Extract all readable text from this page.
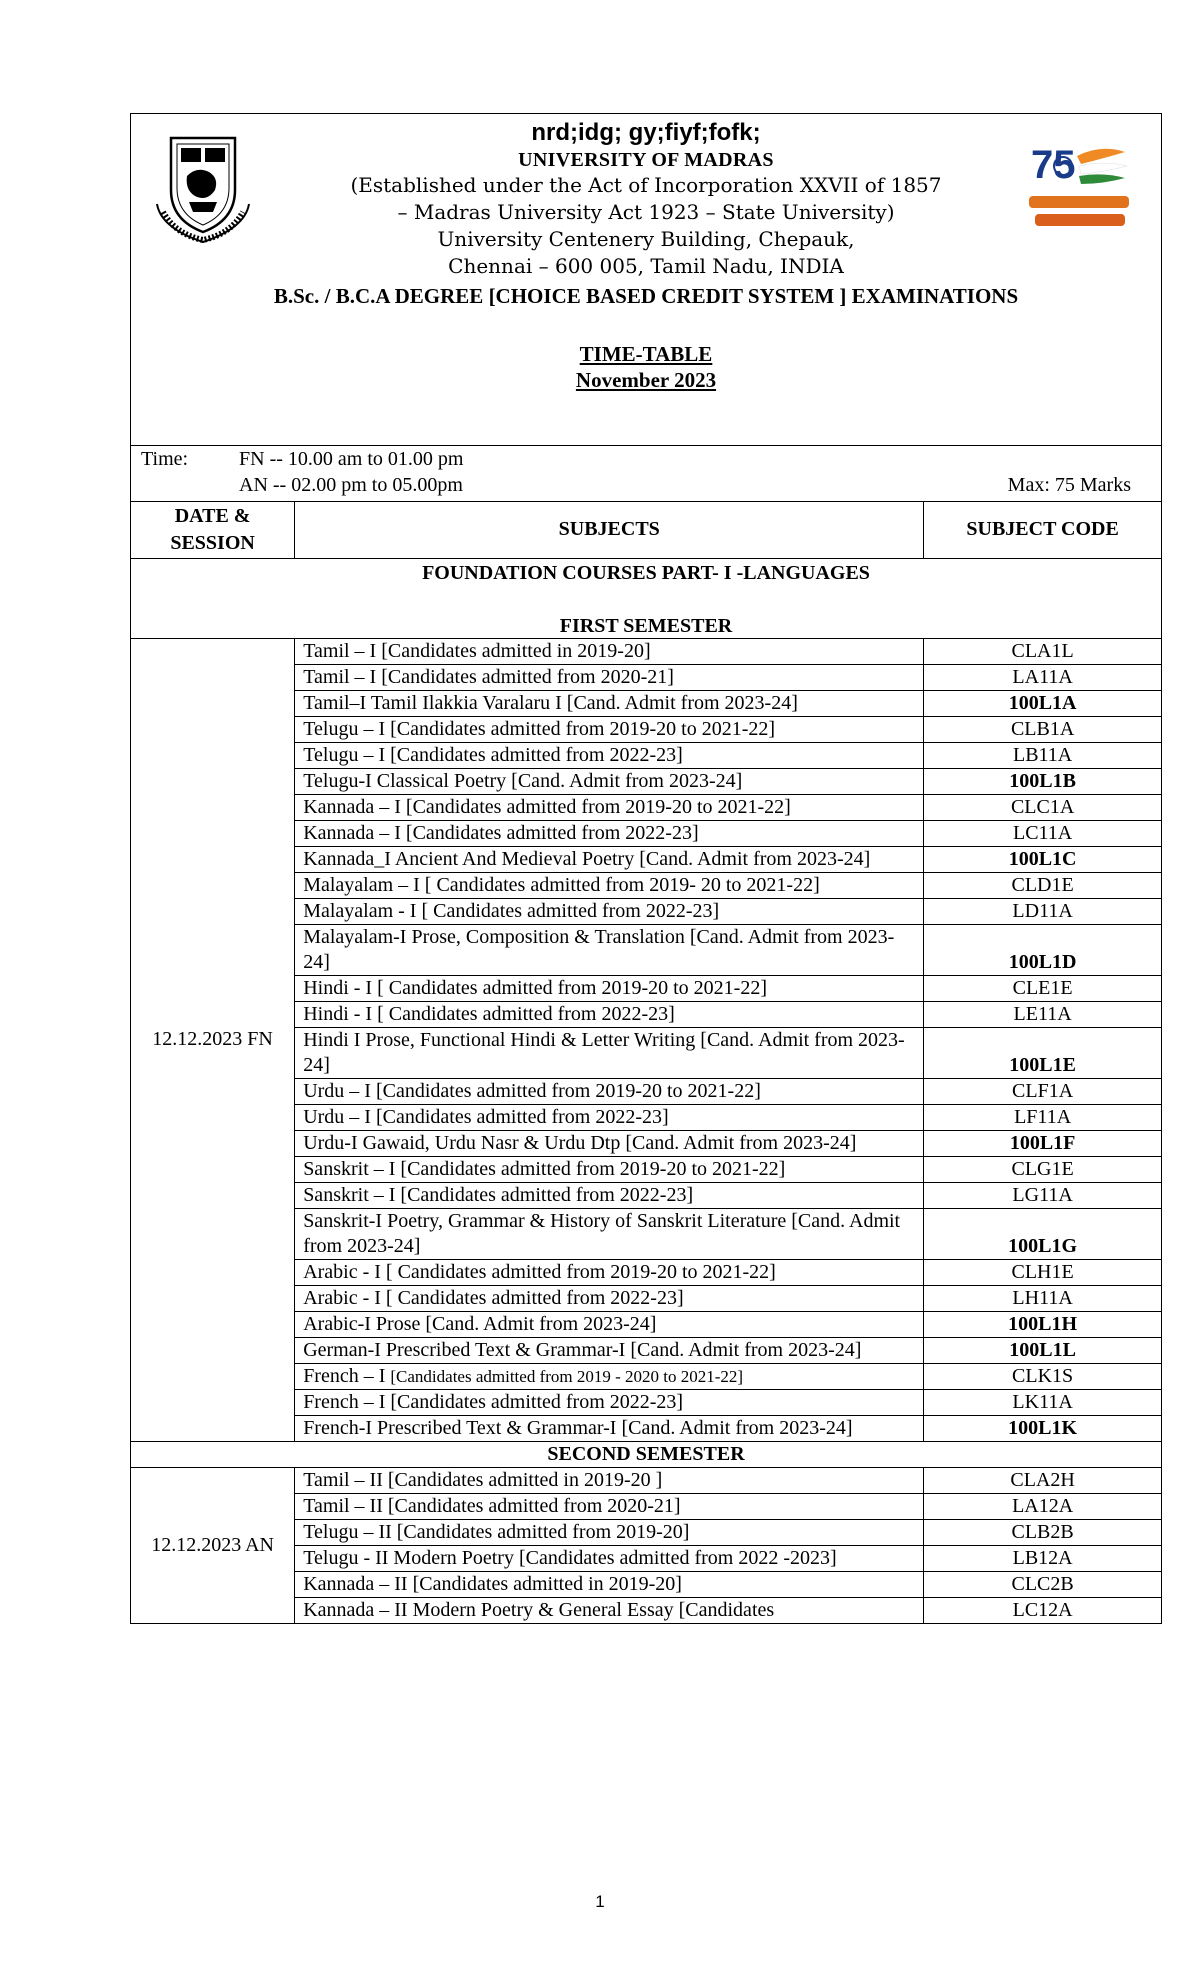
75
nrd;idg; gy;fiyf;fofk;
UNIVERSITY OF MADRAS
(Established under the Act of Incorporation XXVII of 1857
– Madras University Act 1923 – State University)
University Centenery Building, Chepauk,
Chennai – 600 005, Tamil Nadu, INDIA
B.Sc. / B.C.A DEGREE [CHOICE BASED CREDIT SYSTEM ] EXAMINATIONS
TIME-TABLE
November 2023
Time:	FN -- 10.00 am to 01.00 pm
AN -- 02.00 pm to 05.00pm	Max: 75 Marks
DATE &
SESSION	SUBJECTS	SUBJECT CODE

FOUNDATION COURSES PART- I -LANGUAGES
FIRST SEMESTER		

12.12.2023 FN	Tamil – I [Candidates admitted in 2019-20]	CLA1L
	Tamil – I [Candidates admitted from 2020-21]	LA11A
	Tamil–I Tamil Ilakkia Varalaru I [Cand. Admit from 2023-24]	100L1A
	Telugu – I [Candidates admitted from 2019-20 to 2021-22]	CLB1A
	Telugu – I [Candidates admitted from 2022-23]	LB11A
	Telugu-I Classical Poetry [Cand. Admit from 2023-24]	100L1B
	Kannada – I [Candidates admitted from 2019-20 to 2021-22]	CLC1A
	Kannada – I [Candidates admitted from 2022-23]	LC11A
	Kannada_I Ancient And Medieval Poetry [Cand. Admit from 2023-24]	100L1C
	Malayalam – I [ Candidates admitted from 2019- 20 to 2021-22]	CLD1E
	Malayalam - I [ Candidates admitted from 2022-23]	LD11A
	Malayalam-I Prose, Composition & Translation [Cand. Admit from 2023-24]	100L1D
	Hindi - I [ Candidates admitted from 2019-20 to 2021-22]	CLE1E
	Hindi - I [ Candidates admitted from 2022-23]	LE11A
	Hindi I Prose, Functional Hindi & Letter Writing [Cand. Admit from 2023-24]	100L1E
	Urdu – I [Candidates admitted from 2019-20 to 2021-22]	CLF1A
	Urdu – I [Candidates admitted from 2022-23]	LF11A
	Urdu-I Gawaid, Urdu Nasr & Urdu Dtp [Cand. Admit from 2023-24]	100L1F
	Sanskrit – I [Candidates admitted from 2019-20 to 2021-22]	CLG1E
	Sanskrit – I [Candidates admitted from 2022-23]	LG11A
	Sanskrit-I Poetry, Grammar & History of Sanskrit Literature [Cand. Admit from 2023-24]	100L1G
	Arabic - I [ Candidates admitted from 2019-20 to 2021-22]	CLH1E
	Arabic - I [ Candidates admitted from 2022-23]	LH11A
	Arabic-I Prose [Cand. Admit from 2023-24]	100L1H
	German-I Prescribed Text & Grammar-I [Cand. Admit from 2023-24]	100L1L
	French – I [Candidates admitted from 2019 - 2020 to 2021-22]	CLK1S
	French – I [Candidates admitted from 2022-23]	LK11A
	French-I Prescribed Text & Grammar-I [Cand. Admit from 2023-24]	100L1K
SECOND SEMESTER		
12.12.2023 AN	Tamil – II [Candidates admitted in 2019-20 ]	CLA2H
	Tamil – II [Candidates admitted from 2020-21]	LA12A
	Telugu – II [Candidates admitted from 2019-20]	CLB2B
	Telugu - II Modern Poetry [Candidates admitted from 2022 -2023]	LB12A
	Kannada – II [Candidates admitted in 2019-20]	CLC2B
	Kannada – II Modern Poetry & General Essay [Candidates	LC12A
1
